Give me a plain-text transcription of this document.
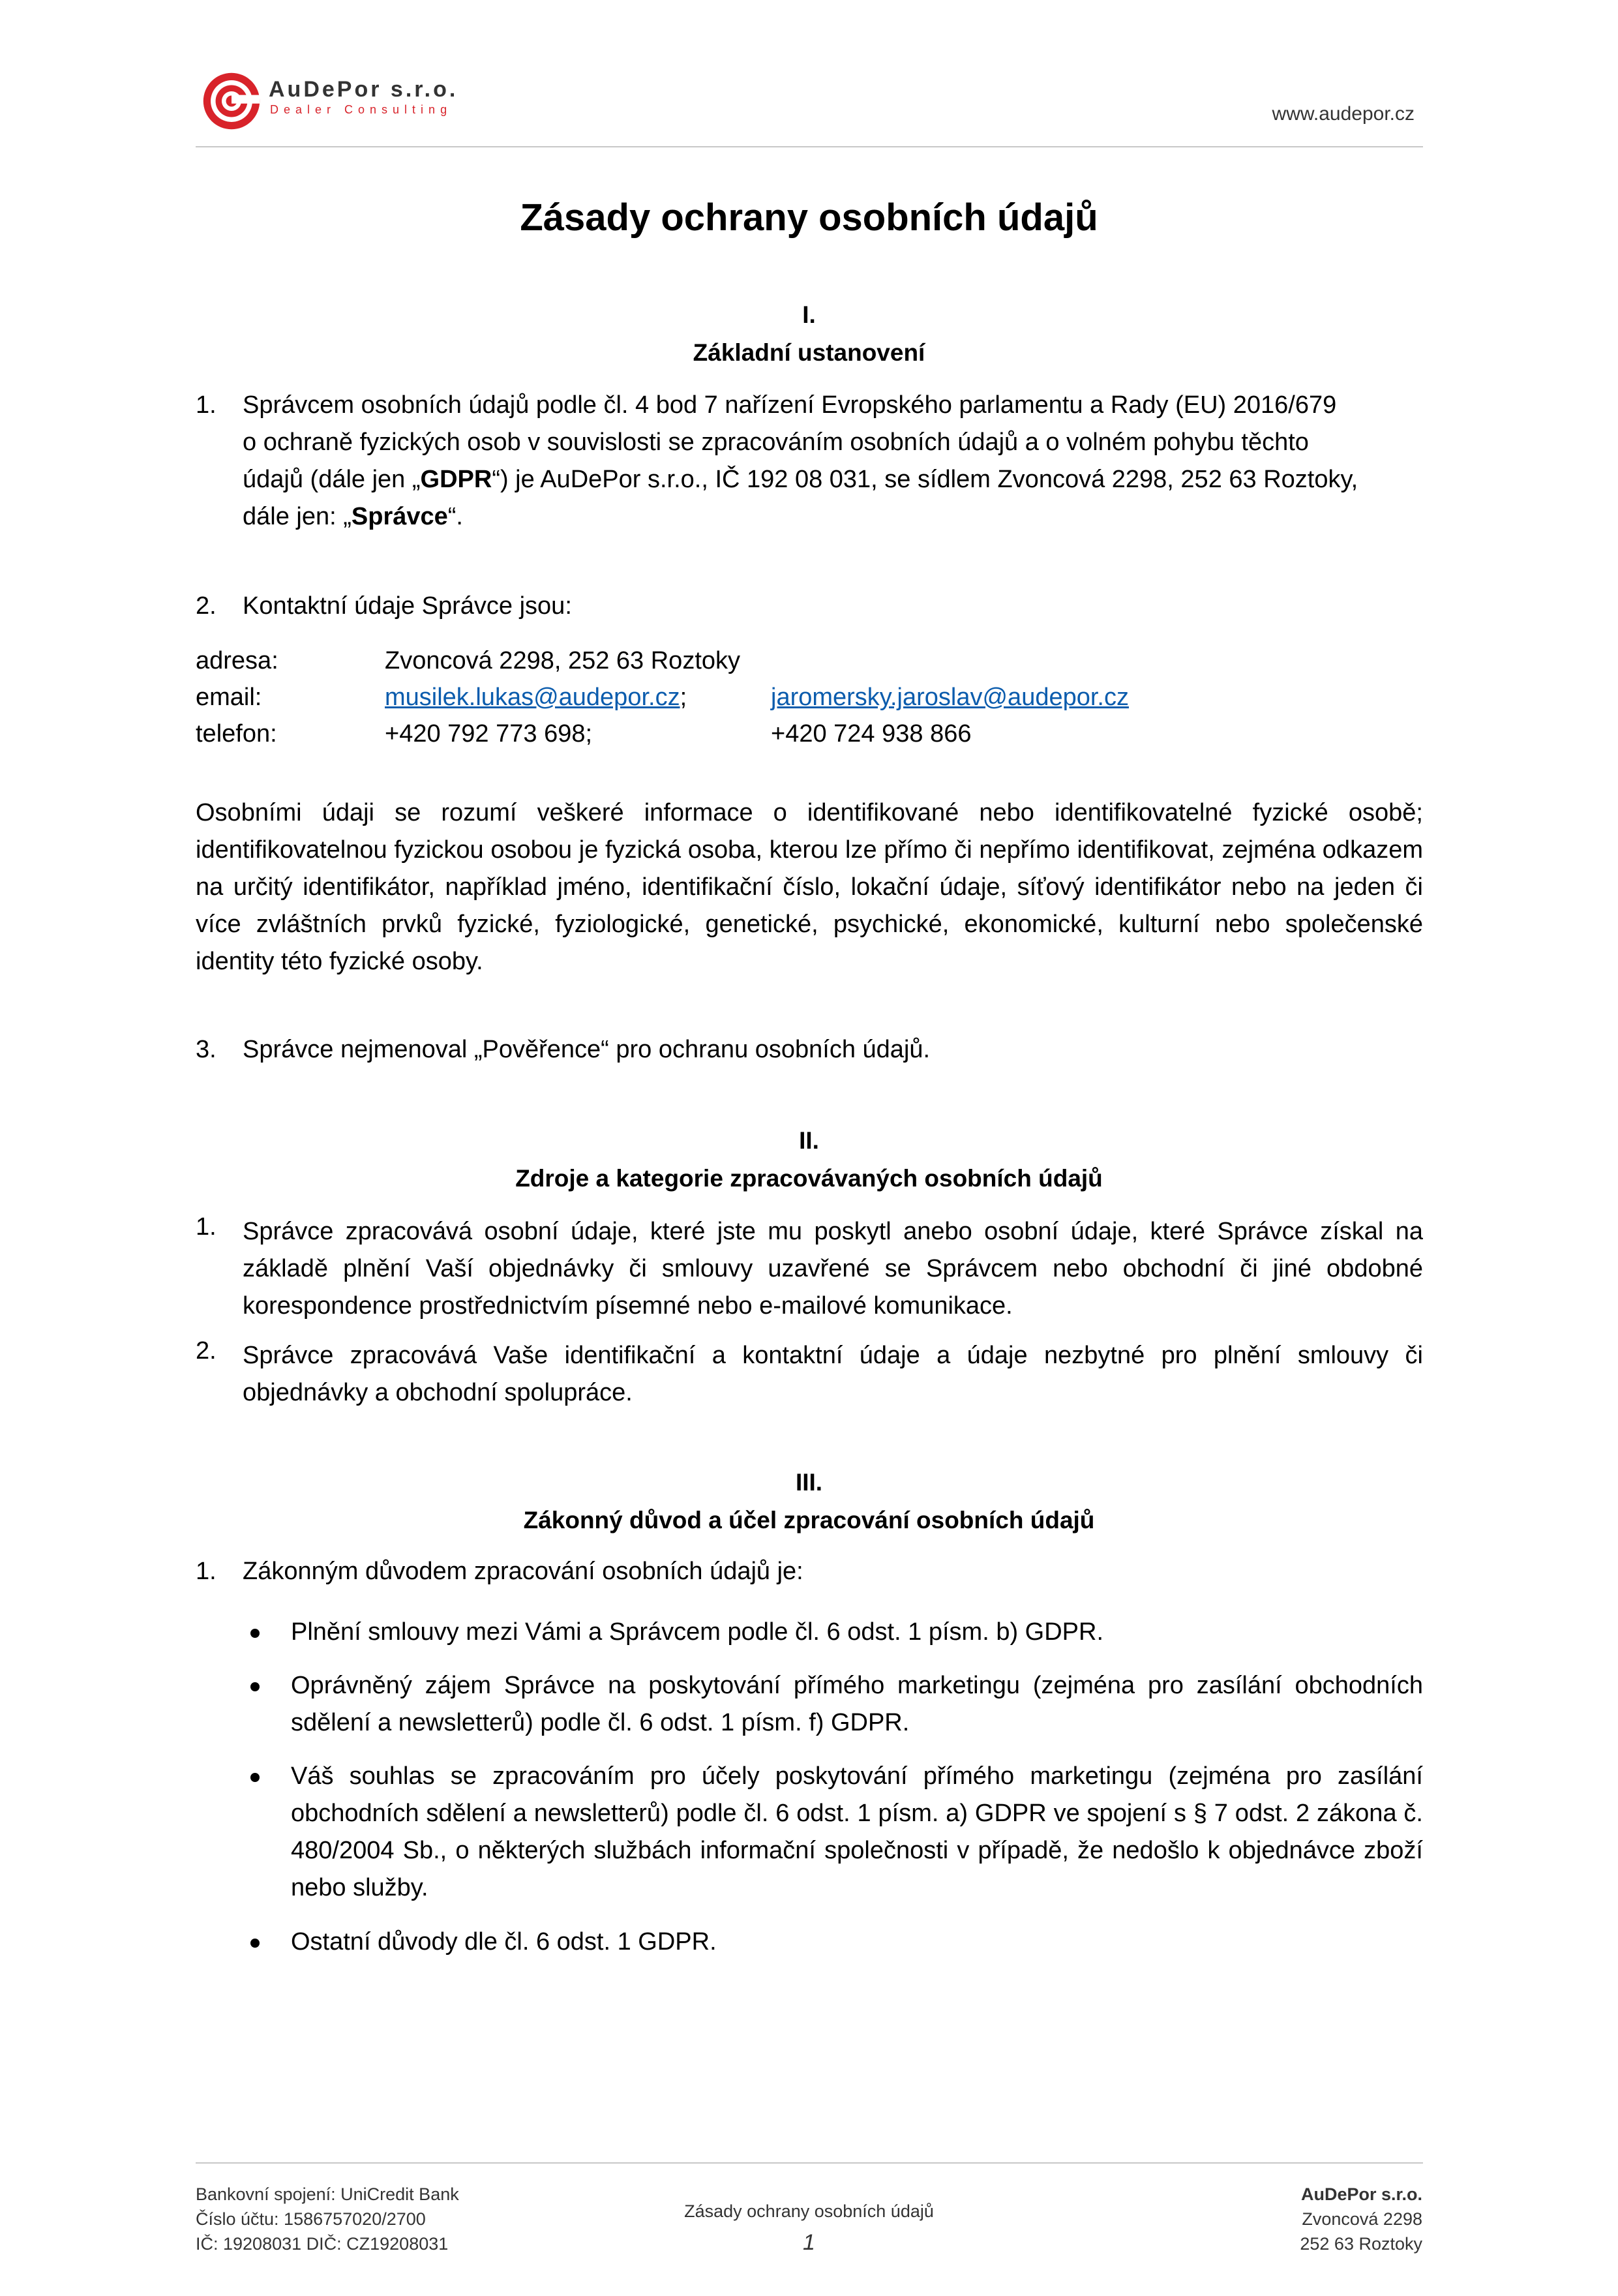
AuDePor s.r.o.
Dealer Consulting	www.audepor.cz
Zásady ochrany osobních údajů
I.
Základní ustanovení
1. Správcem osobních údajů podle čl. 4 bod 7 nařízení Evropského parlamentu a Rady (EU) 2016/679
o ochraně fyzických osob v souvislosti se zpracováním osobních údajů a o volném pohybu těchto
údajů (dále jen „GDPR“) je AuDePor s.r.o., IČ 192 08 031, se sídlem Zvoncová 2298, 252 63 Roztoky,
dále jen: „Správce“.
2. Kontaktní údaje Správce jsou:
adresa:	Zvoncová 2298, 252 63 Roztoky
email:	musilek.lukas@audepor.cz;	jaromersky.jaroslav@audepor.cz
telefon:	+420 792 773 698;	+420 724 938 866
Osobními údaji se rozumí veškeré informace o identifikované nebo identifikovatelné fyzické osobě; identifikovatelnou fyzickou osobou je fyzická osoba, kterou lze přímo či nepřímo identifikovat, zejména odkazem na určitý identifikátor, například jméno, identifikační číslo, lokační údaje, síťový identifikátor nebo na jeden či více zvláštních prvků fyzické, fyziologické, genetické, psychické, ekonomické, kulturní nebo společenské identity této fyzické osoby.
3. Správce nejmenoval „Pověřence“ pro ochranu osobních údajů.
II.
Zdroje a kategorie zpracovávaných osobních údajů
1. Správce zpracovává osobní údaje, které jste mu poskytl anebo osobní údaje, které Správce získal na základě plnění Vaší objednávky či smlouvy uzavřené se Správcem nebo obchodní či jiné obdobné korespondence prostřednictvím písemné nebo e-mailové komunikace.
2. Správce zpracovává Vaše identifikační a kontaktní údaje a údaje nezbytné pro plnění smlouvy či objednávky a obchodní spolupráce.
III.
Zákonný důvod a účel zpracování osobních údajů
1. Zákonným důvodem zpracování osobních údajů je:
Plnění smlouvy mezi Vámi a Správcem podle čl. 6 odst. 1 písm. b) GDPR.
Oprávněný zájem Správce na poskytování přímého marketingu (zejména pro zasílání obchodních sdělení a newsletterů) podle čl. 6 odst. 1 písm. f) GDPR.
Váš souhlas se zpracováním pro účely poskytování přímého marketingu (zejména pro zasílání obchodních sdělení a newsletterů) podle čl. 6 odst. 1 písm. a) GDPR ve spojení s § 7 odst. 2 zákona č. 480/2004 Sb., o některých službách informační společnosti v případě, že nedošlo k objednávce zboží nebo služby.
Ostatní důvody dle čl. 6 odst. 1 GDPR.
Bankovní spojení: UniCredit Bank
Číslo účtu: 1586757020/2700
IČ: 19208031 DIČ: CZ19208031
Zásady ochrany osobních údajů
1
AuDePor s.r.o.
Zvoncová 2298
252 63 Roztoky
